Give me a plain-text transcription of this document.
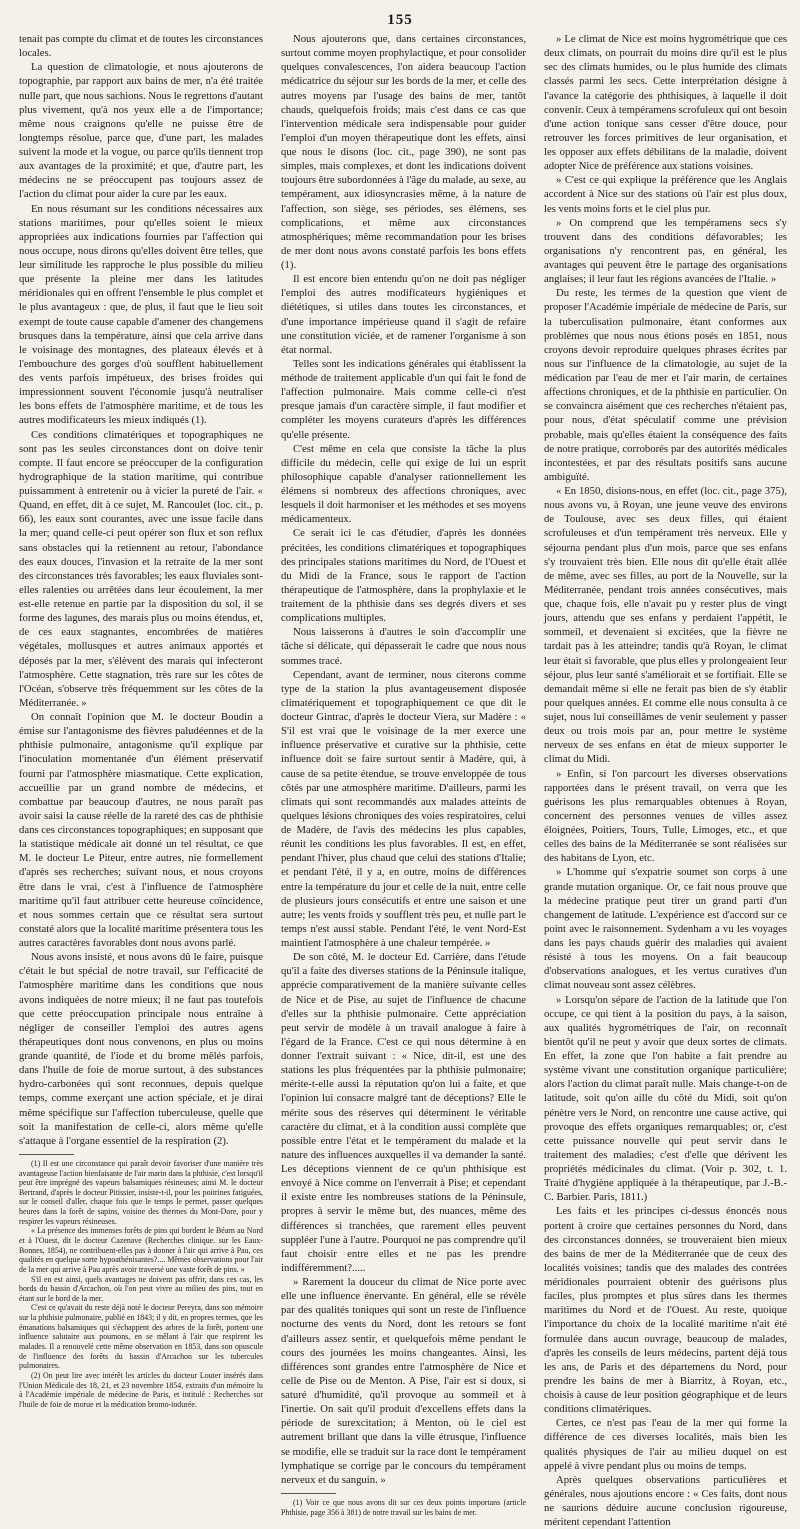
155

tenait pas compte du climat et de toutes les circonstances locales.

La question de climatologie, et nous ajouterons de topographie, par rapport aux bains de mer, n'a été traitée nulle part, que nous sachions. Nous le regrettons d'autant plus vivement, qu'à nos yeux elle a de l'importance; même nous craignons qu'elle ne puisse être de longtemps résolue, parce que, d'une part, les malades suivent la mode et la vogue, ou parce qu'ils tiennent trop aux avantages de la proximité; et que, d'autre part, les médecins ne se préoccupent pas toujours assez de l'action du climat pour aider la cure par les eaux.

En nous résumant sur les conditions nécessaires aux stations maritimes, pour qu'elles soient le mieux appropriées aux indications fournies par l'affection qui nous occupe, nous dirons qu'elles doivent être telles, que leur similitude les rapproche le plus possible du milieu que présente la pleine mer dans les latitudes méridionales qui en offrent l'ensemble le plus complet et le plus avantageux : que, de plus, il faut que le lieu soit exempt de toute cause capable d'amener des changemens brusques dans la température, ainsi que cela arrive dans le voisinage des montagnes, des plateaux élevés et à l'embouchure des gorges d'où soufflent habituellement des vents parfois impétueux, des brises froides qui impressionnent souvent l'économie jusqu'à neutraliser les bons effets de l'atmosphère maritime, et de tous les autres modificateurs les mieux indiqués (1).

Ces conditions climatériques et topographiques ne sont pas les seules circonstances dont on doive tenir compte. Il faut encore se préoccuper de la configuration hydrographique de la station maritime, qui contribue puissamment à entretenir ou à vicier la pureté de l'air. « Quand, en effet, dit à ce sujet, M. Rancoulet (loc. cit., p. 66), les eaux sont courantes, avec une issue facile dans la mer; quand celle-ci peut opérer son flux et son reflux sans obstacles qui la retiennent au retour, l'abondance des eaux douces, l'invasion et la retraite de la mer sont des circonstances très favorables; les eaux fluviales sont-elles ralenties ou arrêtées dans leur écoulement, la mer est-elle retenue en partie par la disposition du sol, il se forme des lagunes, des marais plus ou moins étendus, et, de ces eaux stagnantes, encombrées de matières végétales, mollusques et autres animaux apportés et déposés par la mer, s'élèvent des marais qui infecteront l'atmosphère. Cette stagnation, très rare sur les côtes de l'Océan, s'observe très fréquemment sur les côtes de la Méditerranée. »

On connaît l'opinion que M. le docteur Boudin a émise sur l'antagonisme des fièvres paludéennes et de la phthisie pulmonaire, antagonisme qu'il explique par l'inoculation momentanée d'un élément préservatif fourni par l'atmosphère miasmatique. Cette explication, accueillie par un grand nombre de médecins, et combattue par beaucoup d'autres, ne nous paraît pas avoir saisi la cause réelle de la rareté des cas de phthisie dans ces circonstances topographiques; en supposant que la statistique médicale ait donné un tel résultat, ce que M. le docteur Le Piteur, entre autres, nie formellement d'après ses recherches; suivant nous, et nous croyons être dans le vrai, c'est à l'influence de l'atmosphère maritime qu'il faut attribuer cette heureuse coïncidence, et nous sommes certain que ce résultat sera surtout constaté alors que la localité maritime présentera tous les autres caractères favorables dont nous avons parlé.

Nous avons insisté, et nous avons dû le faire, puisque c'était le but spécial de notre travail, sur l'efficacité de l'atmosphère maritime dans les conditions que nous avons indiquées de notre mieux; il ne faut pas toutefois que cette préoccupation principale nous entraîne à négliger de conseiller l'emploi des autres agens thérapeutiques dont nous convenons, en plus ou moins grande quantité, de l'iode et du brome mêlés parfois, dans l'huile de foie de morue surtout, à des substances hydro-carbonées qui sont reconnues, depuis quelque temps, comme exerçant une action spéciale, et je dirai même spécifique sur l'affection tuberculeuse, quelle que soit la manifestation de celle-ci, alors même qu'elle s'attaque à l'organe essentiel de la respiration (2).

(1) Il est une circonstance qui paraît devoir favoriser d'une manière très avantageuse l'action bienfaisante de l'air marin dans la phthisie, c'est lorsqu'il peut être imprégné des vapeurs balsamiques résineuses; ainsi M. le docteur Bertrand, d'après le docteur Pitissier, insiste-t-il, pour les poitrines fatiguées, sur le conseil d'aller, chaque fois que le temps le permet, passer quelques heures dans la forêt de sapins, voisine des thermes du Mont-Dore, pour y respirer les vapeurs résineuses.

« La présence des immenses forêts de pins qui bordent le Béarn au Nord et à l'Ouest, dit le docteur Cazenave (Recherches clinique. sur les Eaux-Bonnes, 1854), ne contribuent-elles pas à donner à l'air qui arrive à Pau, ces qualités en quelque sorte hypoathénisantes?.... Mêmes observations pour l'air de la mer qui arrive à Pau après avoir traversé une vaste forêt de pins. »

S'il en est ainsi, quels avantages ne doivent pas offrir, dans ces cas, les bords du bassin d'Arcachon, où l'on peut vivre au milieu des pins, tout en étant sur le bord de la mer.

C'est ce qu'avait du reste déjà noté le docteur Pereyra, dans son mémoire sur la phthisie pulmonaire, publié en 1843; il y dit, en propres termes, que les émanations balsamiques qui s'échappent des arbres de la forêt, portent une influence salutaire aux poumons, en se mêlant à l'air que respirent les malades. Il a renouvelé cette même observation en 1853, dans son opuscule de l'influence des forêts du bassin d'Arcachon sur les tubercules pulmonaires.

(2) On peut lire avec intérêt les articles du docteur Louter insérés dans l'Union Médicale des 18, 21, et 23 novembre 1854, extraits d'un mémoire lu à l'Académie impériale de médecine de Paris, et intitulé : Recherches sur l'huile de foie de morue et la médication bromo-iodurée.

Nous ajouterons que, dans certaines circonstances, surtout comme moyen prophylactique, et pour consolider quelques convalescences, l'on aidera beaucoup l'action médicatrice du séjour sur les bords de la mer, et celle des autres moyens par l'usage des bains de mer, tantôt chauds, quelquefois froids; mais c'est dans ce cas que l'intervention médicale sera indispensable pour guider l'emploi d'un moyen thérapeutique dont les effets, ainsi que nous le disons (loc. cit., page 390), ne sont pas simples, mais complexes, et dont les indications doivent toujours être subordonnées à l'âge du malade, au sexe, au tempérament, aux idiosyncrasies même, à la nature de l'affection, son siège, ses périodes, ses élémens, ses complications, et même aux circonstances atmosphériques; même recommandation pour les brises de mer dont nous avons constaté parfois les bons effets (1).

Il est encore bien entendu qu'on ne doit pas négliger l'emploi des autres modificateurs hygiéniques et diététiques, si utiles dans toutes les circonstances, et d'une importance impérieuse quand il s'agit de refaire une constitution viciée, et de ramener l'organisme à son état normal.

Telles sont les indications générales qui établissent la méthode de traitement applicable d'un qui fait le fond de l'affection pulmonaire. Mais comme celle-ci n'est presque jamais d'un caractère simple, il faut modifier et compléter les moyens curateurs d'après les différences qu'elle présente.

C'est même en cela que consiste la tâche la plus difficile du médecin, celle qui exige de lui un esprit philosophique capable d'analyser rationnellement les élémens si nombreux des affections chroniques, avec lesquels il doit harmoniser et les méthodes et ses moyens médicamenteux.

Ce serait ici le cas d'étudier, d'après les données précitées, les conditions climatériques et topographiques des principales stations maritimes du Nord, de l'Ouest et du Midi de la France, sous le rapport de l'action thérapeutique de l'atmosphère, dans la prophylaxie et le traitement de la phthisie dans ses degrés divers et ses complications multiples.

Nous laisserons à d'autres le soin d'accomplir une tâche si délicate, qui dépasserait le cadre que nous nous sommes tracé.

Cependant, avant de terminer, nous citerons comme type de la station la plus avantageusement disposée climatériquement et topographiquement ce que dit le docteur Gintrac, d'après le docteur Viera, sur Madère : « S'il est vrai que le voisinage de la mer exerce une influence préservative et curative sur la phthisie, cette influence doit se faire surtout sentir à Madère, qui, à cause de sa petite étendue, se trouve enveloppée de tous côtés par une atmosphère maritime. D'ailleurs, parmi les climats qui sont recommandés aux malades atteints de quelques lésions chroniques des voies respiratoires, celui de Madère, de l'avis des médecins les plus capables, réunit les conditions les plus favorables. Il est, en effet, pendant l'hiver, plus chaud que celui des stations d'Italie; et pendant l'été, il y a, en outre, moins de différences entre la température du jour et celle de la nuit, entre celle de plusieurs jours consécutifs et entre une saison et une autre; les vents froids y soufflent très peu, et nulle part le temps n'est aussi stable. Pendant l'été, le vent Nord-Est maintient l'atmosphère à une chaleur tempérée. »

De son côté, M. le docteur Ed. Carrière, dans l'étude qu'il a faite des diverses stations de la Péninsule italique, apprécie comparativement de la manière suivante celles de Nice et de Pise, au sujet de l'influence de chacune d'elles sur la phthisie pulmonaire. Cette appréciation peut servir de modèle à un travail analogue à faire à l'égard de la France. C'est ce qui nous détermine à en donner l'extrait suivant : « Nice, dit-il, est une des stations les plus fréquentées par la phthisie pulmonaire; mérite-t-elle aussi la réputation qu'on lui a faite, et que l'opinion lui consacre malgré tant de déceptions? Elle le mérite sous des réserves qui déterminent le véritable caractère du climat, et à la condition aussi complète que possible entre l'état et le tempérament du malade et la nature des influences auxquelles il va demander la santé. Les déceptions viennent de ce qu'un phthisique est envoyé à Nice comme on l'enverrait à Pise; et cependant il existe entre les nombreuses stations de la Péninsule, propres à servir le même but, des nuances, même des différences si tranchées, que rarement elles peuvent suppléer l'une à l'autre. Pourquoi ne pas comprendre qu'il faut choisir entre elles et ne pas les prendre indifféremment?.....

» Rarement la douceur du climat de Nice porte avec elle une influence énervante. En général, elle se révèle par des qualités toniques qui sont un reste de l'influence nocturne des vents du Nord, dont les retours se font d'ailleurs assez sentir, et quelquefois même pendant le cours des journées les moins changeantes. Ainsi, les différences sont grandes entre l'atmosphère de Nice et celle de Pise ou de Menton. A Pise, l'air est si doux, si saturé d'humidité, qu'il provoque au sommeil et à l'inertie. On sait qu'il produit d'excellens effets dans la période de surexcitation; à Menton, où le ciel est autrement brillant que dans la ville étrusque, l'influence se modifie, elle se traduit sur la race dont le tempérament lymphatique se corrige par le concours du tempérament nerveux et du sanguin. »

(1) Voir ce que nous avons dit sur ces deux points importans (article Phthisie, page 356 à 381) de notre travail sur les bains de mer.

» Le climat de Nice est moins hygrométrique que ces deux climats, on pourrait du moins dire qu'il est le plus sec des climats humides, ou le plus humide des climats classés parmi les secs. Cette interprétation désigne à l'avance la catégorie des phthisiques, à laquelle il doit convenir. Ceux à tempéramens scrofuleux qui ont besoin d'une action tonique sans cesser d'être douce, pour retrouver les forces primitives de leur organisation, et les opposer aux effets débilitans de la maladie, doivent adopter Nice de préférence aux stations voisines.

» C'est ce qui explique la préférence que les Anglais accordent à Nice sur des stations où l'air est plus doux, les vents moins forts et le ciel plus pur.

» On comprend que les tempéramens secs s'y trouvent dans des conditions défavorables; les organisations n'y rencontrent pas, en général, les avantages qui peuvent être le partage des organisations anglaises; il leur faut les régions avancées de l'Italie. »

Du reste, les termes de la question que vient de proposer l'Académie impériale de médecine de Paris, sur la tuberculisation pulmonaire, étant conformes aux problèmes que nous nous étions posés en 1851, nous croyons devoir reproduire quelques phrases écrites par nous sur l'influence de la climatologie, au sujet de la médication par l'eau de mer et l'air marin, de certaines affections chroniques, et de la phthisie en particulier. On se convaincra aisément que ces recherches n'étaient pas, pour nous, d'état spéculatif comme une prévision probable, mais qu'elles étaient la conséquence des faits de notre pratique, corroborés par des autorités médicales incontestées, et par des résultats positifs sans aucune ambiguïté.

« En 1850, disions-nous, en effet (loc. cit., page 375), nous avons vu, à Royan, une jeune veuve des environs de Toulouse, avec ses deux filles, qui étaient scrofuleuses et d'un tempérament très nerveux. Elle y séjourna pendant plus d'un mois, parce que ses enfans s'y trouvaient très bien. Elle nous dit qu'elle était allée de même, avec ses filles, au port de la Nouvelle, sur la Méditerranée, pendant trois années consécutives, mais que, chaque fois, elle n'avait pu y rester plus de vingt jours, attendu que ses enfans y perdaient l'appétit, le sommeil, et devenaient si excitées, que la fièvre ne tardait pas à les atteindre; tandis qu'à Royan, le climat leur était si favorable, que plus elles y prolongeaient leur séjour, plus leur santé s'améliorait et se fortifiait. Elle se demandait même si elle ne ferait pas bien de s'y établir pour quelques années. Et comme elle nous consulta à ce sujet, nous lui conseillâmes de venir seulement y passer deux ou trois mois par an, pour mettre le système nerveux de ses enfans en état de mieux supporter le climat du Midi.

» Enfin, si l'on parcourt les diverses observations rapportées dans le présent travail, on verra que les guérisons les plus remarquables obtenues à Royan, concernent des personnes venues de villes assez éloignées, Poitiers, Tours, Tulle, Limoges, etc., et que celles des bains de la Méditerranée se sont réalisées sur des habitans de Lyon, etc.

» L'homme qui s'expatrie soumet son corps à une grande mutation organique. Or, ce fait nous prouve que la médecine pratique peut tirer un grand parti d'un changement de latitude. L'expérience est d'accord sur ce point avec le raisonnement. Sydenham a vu les voyages dans les pays chauds guérir des maladies qui avaient résisté à tous les moyens. On a fait beaucoup d'observations analogues, et les vertus curatives d'un climat nouveau sont assez célèbres.

» Lorsqu'on sépare de l'action de la latitude que l'on occupe, ce qui tient à la position du pays, à la saison, aux qualités hygrométriques de l'air, on reconnaît bientôt qu'il ne peut y avoir que deux sortes de climats. En effet, la zone que l'on habite a fait prendre au système vivant une constitution organique particulière; alors l'action du climat paraît nulle. Mais change-t-on de latitude, soit qu'on aille du côté du Midi, soit qu'on pénètre vers le Nord, on rencontre une cause active, qui provoque des effets organiques remarquables; or, c'est cette puissance nouvelle qui peut servir dans le traitement des maladies; c'est d'elle que dérivent les propriétés médicinales du climat. (Voir p. 302, t. 1. Traité d'hygiène appliquée à la thérapeutique, par J.-B.-C. Barbier. Paris, 1811.)

Les faits et les principes ci-dessus énoncés nous portent à croire que certaines personnes du Nord, dans des circonstances données, se trouveraient bien mieux des bains de mer de la Méditerranée que de ceux des localités voisines; tandis que des malades des contrées méridionales pourraient obtenir des guérisons plus faciles, plus promptes et plus sûres dans les thermes maritimes du Nord et de l'Ouest. Au reste, quoique l'importance du choix de la localité maritime n'ait été formulée dans aucun ouvrage, beaucoup de malades, d'après les conseils de leurs médecins, partent déjà tous les ans, de Paris et des départemens du Nord, pour prendre les bains de mer à Biarritz, à Royan, etc., choisis à cause de leur position géographique et de leurs conditions climatériques.

Certes, ce n'est pas l'eau de la mer qui forme la différence de ces diverses localités, mais bien les qualités physiques de l'air au milieu duquel on est appelé à vivre pendant plus ou moins de temps.

Après quelques observations particulières et générales, nous ajoutions encore : « Ces faits, dont nous ne saurions déduire aucune conclusion rigoureuse, méritent cependant l'attention
